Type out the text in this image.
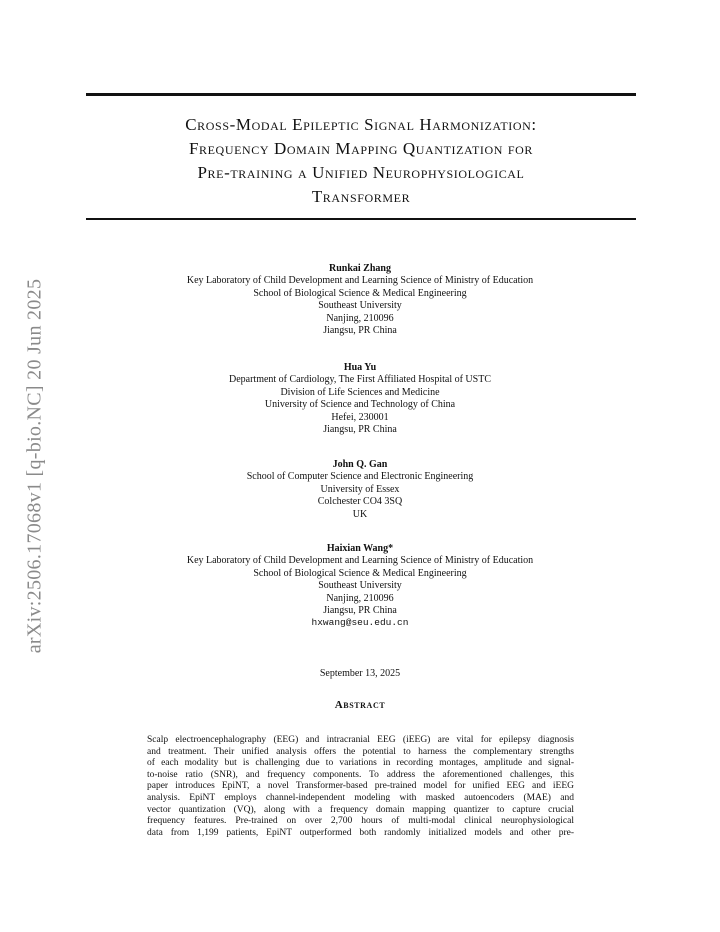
arXiv:2506.17068v1 [q-bio.NC] 20 Jun 2025
Cross-Modal Epileptic Signal Harmonization:
Frequency Domain Mapping Quantization for
Pre-training a Unified Neurophysiological
Transformer
Runkai Zhang
Key Laboratory of Child Development and Learning Science of Ministry of Education
School of Biological Science & Medical Engineering
Southeast University
Nanjing, 210096
Jiangsu, PR China
Hua Yu
Department of Cardiology, The First Affiliated Hospital of USTC
Division of Life Sciences and Medicine
University of Science and Technology of China
Hefei, 230001
Jiangsu, PR China
John Q. Gan
School of Computer Science and Electronic Engineering
University of Essex
Colchester CO4 3SQ
UK
Haixian Wang*
Key Laboratory of Child Development and Learning Science of Ministry of Education
School of Biological Science & Medical Engineering
Southeast University
Nanjing, 210096
Jiangsu, PR China
hxwang@seu.edu.cn
September 13, 2025
Abstract
Scalp electroencephalography (EEG) and intracranial EEG (iEEG) are vital for epilepsy diagnosis
and treatment. Their unified analysis offers the potential to harness the complementary strengths
of each modality but is challenging due to variations in recording montages, amplitude and signal-
to-noise ratio (SNR), and frequency components. To address the aforementioned challenges, this
paper introduces EpiNT, a novel Transformer-based pre-trained model for unified EEG and iEEG
analysis. EpiNT employs channel-independent modeling with masked autoencoders (MAE) and
vector quantization (VQ), along with a frequency domain mapping quantizer to capture crucial
frequency features. Pre-trained on over 2,700 hours of multi-modal clinical neurophysiological
data from 1,199 patients, EpiNT outperformed both randomly initialized models and other pre-
